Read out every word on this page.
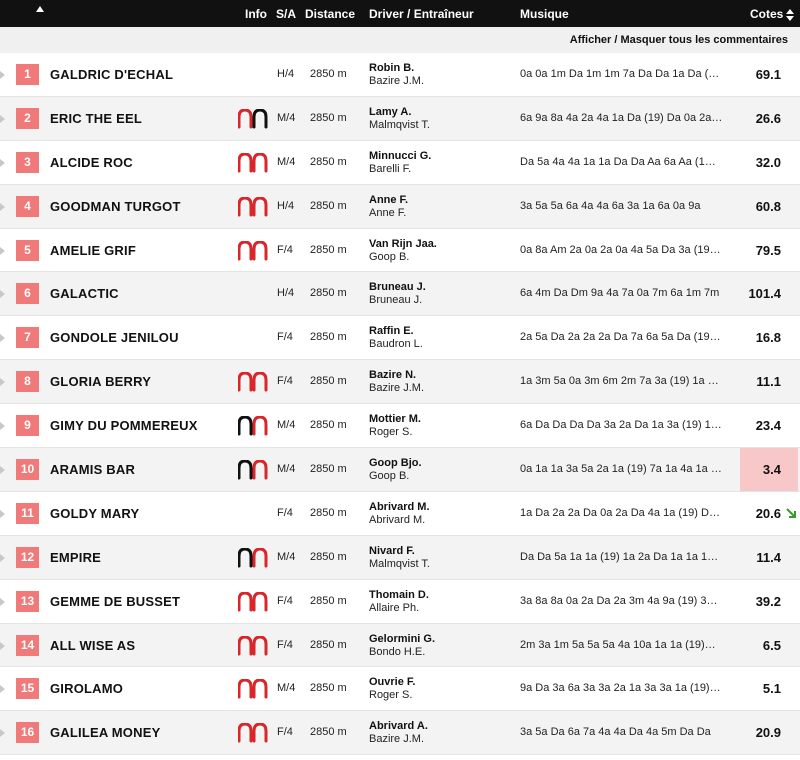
Info S/A Distance Driver / Entraîneur	Musique	Cotes
Afficher / Masquer tous les commentaires
1	GALDRIC D'ECHAL	H/4 2850 m Robin B.
Bazire J.M.
0a 0a 1m Da 1m 1m 7a Da Da 1a Da (…	69.1
2	ERIC THE EEL	M/4 2850 m Lamy A.
Malmqvist T.
6a 9a 8a 4a 2a 4a 1a Da (19) Da 0a 2a…	26.6
3	ALCIDE ROC	M/4 2850 m Minnucci G.
Barelli F.
Da 5a 4a 4a 1a 1a Da Da Aa 6a Aa (1…	32.0
4	GOODMAN TURGOT	H/4 2850 m Anne F.
Anne F.
3a 5a 5a 6a 4a 4a 6a 3a 1a 6a 0a 9a	60.8
5	AMELIE GRIF	F/4 2850 m Van Rijn Jaa.
Goop B.
0a 8a Am 2a 0a 2a 0a 4a 5a Da 3a (19…	79.5
6	GALACTIC	H/4 2850 m Bruneau J.
Bruneau J.
6a 4m Da Dm 9a 4a 7a 0a 7m 6a 1m 7m	101.4
7	GONDOLE JENILOU	F/4 2850 m Raffin E.
Baudron L.
2a 5a Da 2a 2a 2a Da 7a 6a 5a Da (19…	16.8
8	GLORIA BERRY	F/4 2850 m Bazire N.
Bazire J.M.
1a 3m 5a 0a 3m 6m 2m 7a 3a (19) 1a …	11.1
9	GIMY DU POMMEREUX	M/4 2850 m Mottier M.
Roger S.
6a Da Da Da Da 3a 2a Da 1a 3a (19) 1…	23.4
10	ARAMIS BAR	M/4 2850 m Goop Bjo.
Goop B.
0a 1a 1a 3a 5a 2a 1a (19) 7a 1a 4a 1a …	3.4
11	GOLDY MARY	F/4 2850 m Abrivard M.
Abrivard M.
1a Da 2a 2a Da 0a 2a Da 4a 1a (19) D…	20.6
12	EMPIRE	M/4 2850 m Nivard F.
Malmqvist T.
Da Da 5a 1a 1a (19) 1a 2a Da 1a 1a 1…	11.4
13	GEMME DE BUSSET	F/4 2850 m Thomain D.
Allaire Ph.
3a 8a 8a 0a 2a Da 2a 3m 4a 9a (19) 3…	39.2
14	ALL WISE AS	F/4 2850 m Gelormini G.
Bondo H.E.
2m 3a 1m 5a 5a 5a 4a 10a 1a 1a (19)…	6.5
15	GIROLAMO	M/4 2850 m Ouvrie F.
Roger S.
9a Da 3a 6a 3a 3a 2a 1a 3a 3a 1a (19)…	5.1
16	GALILEA MONEY	F/4 2850 m Abrivard A.
Bazire J.M.
3a 5a Da 6a 7a 4a 4a Da 4a 5m Da Da	20.9
